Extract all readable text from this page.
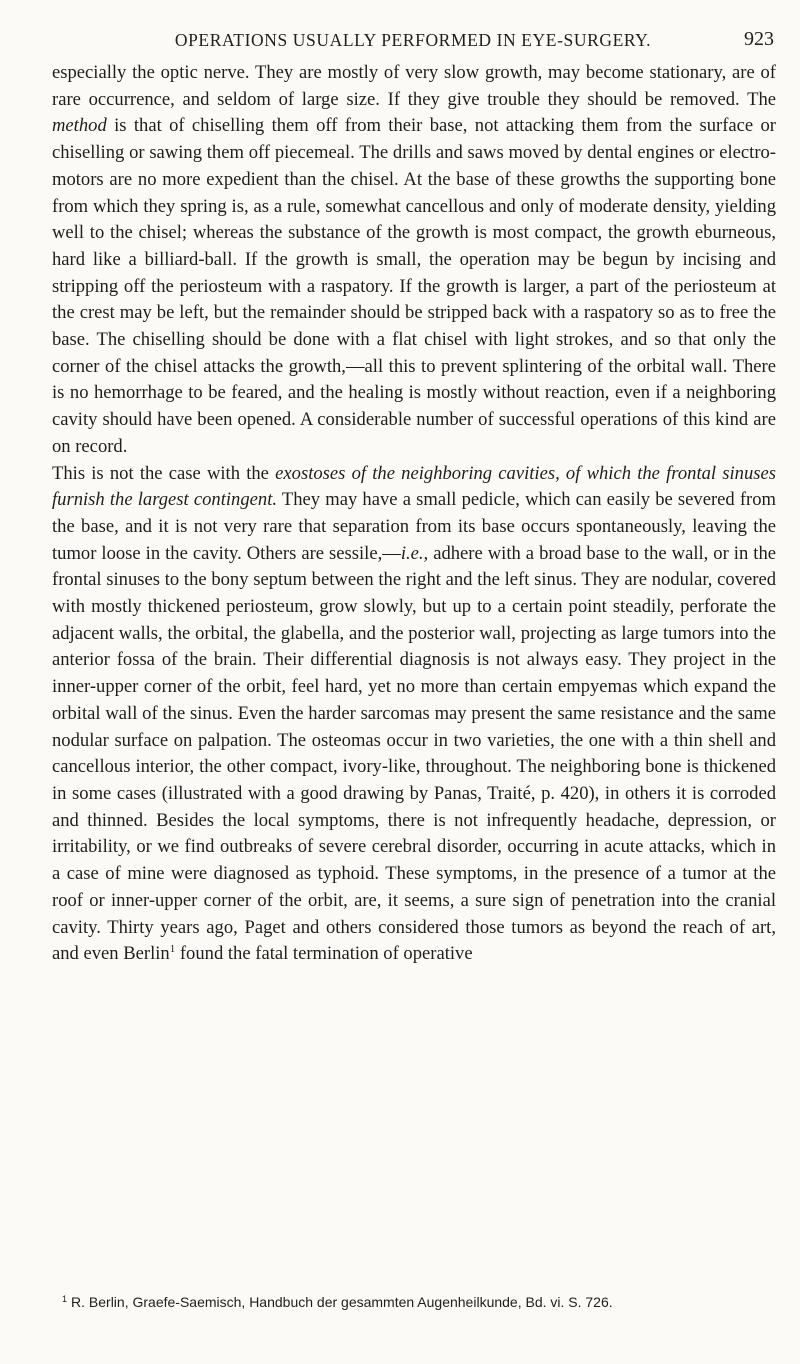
OPERATIONS USUALLY PERFORMED IN EYE-SURGERY.	923

especially the optic nerve. They are mostly of very slow growth, may become stationary, are of rare occurrence, and seldom of large size. If they give trouble they should be removed. The method is that of chiselling them off from their base, not attacking them from the surface or chiselling or sawing them off piecemeal. The drills and saws moved by dental engines or electro-motors are no more expedient than the chisel. At the base of these growths the supporting bone from which they spring is, as a rule, somewhat cancellous and only of moderate density, yielding well to the chisel; whereas the substance of the growth is most compact, the growth eburneous, hard like a billiard-ball. If the growth is small, the operation may be begun by incising and stripping off the periosteum with a raspatory. If the growth is larger, a part of the periosteum at the crest may be left, but the remainder should be stripped back with a raspatory so as to free the base. The chiselling should be done with a flat chisel with light strokes, and so that only the corner of the chisel attacks the growth,—all this to prevent splintering of the orbital wall. There is no hemorrhage to be feared, and the healing is mostly without reaction, even if a neighboring cavity should have been opened. A considerable number of successful operations of this kind are on record.

This is not the case with the exostoses of the neighboring cavities, of which the frontal sinuses furnish the largest contingent. They may have a small pedicle, which can easily be severed from the base, and it is not very rare that separation from its base occurs spontaneously, leaving the tumor loose in the cavity. Others are sessile,—i.e., adhere with a broad base to the wall, or in the frontal sinuses to the bony septum between the right and the left sinus. They are nodular, covered with mostly thickened periosteum, grow slowly, but up to a certain point steadily, perforate the adjacent walls, the orbital, the glabella, and the posterior wall, projecting as large tumors into the anterior fossa of the brain. Their differential diagnosis is not always easy. They project in the inner-upper corner of the orbit, feel hard, yet no more than certain empyemas which expand the orbital wall of the sinus. Even the harder sarcomas may present the same resistance and the same nodular surface on palpation. The osteomas occur in two varieties, the one with a thin shell and cancellous interior, the other compact, ivory-like, throughout. The neighboring bone is thickened in some cases (illustrated with a good drawing by Panas, Traité, p. 420), in others it is corroded and thinned. Besides the local symptoms, there is not infrequently headache, depression, or irritability, or we find outbreaks of severe cerebral disorder, occurring in acute attacks, which in a case of mine were diagnosed as typhoid. These symptoms, in the presence of a tumor at the roof or inner-upper corner of the orbit, are, it seems, a sure sign of penetration into the cranial cavity. Thirty years ago, Paget and others considered those tumors as beyond the reach of art, and even Berlin$^1$ found the fatal termination of operative

$^1$ R. Berlin, Graefe-Saemisch, Handbuch der gesammten Augenheilkunde, Bd. vi. S. 726.
